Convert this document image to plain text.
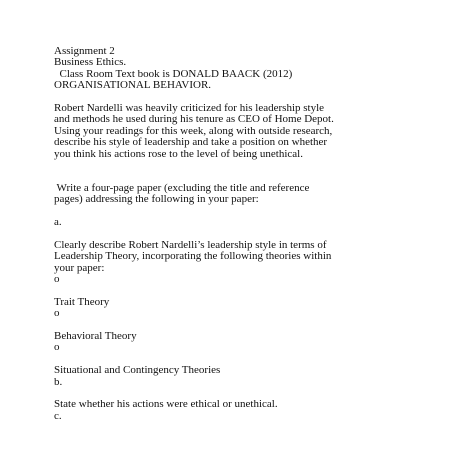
Assignment 2
Business Ethics.
Class Room Text book is DONALD BAACK (2012)
ORGANISATIONAL BEHAVIOR.
Robert Nardelli was heavily criticized for his leadership style
and methods he used during his tenure as CEO of Home Depot.
Using your readings for this week, along with outside research,
describe his style of leadership and take a position on whether
you think his actions rose to the level of being unethical.
Write a four-page paper (excluding the title and reference
pages) addressing the following in your paper:
a.
Clearly describe Robert Nardelli’s leadership style in terms of
Leadership Theory, incorporating the following theories within
your paper:
o
Trait Theory
o
Behavioral Theory
o
Situational and Contingency Theories
b.
State whether his actions were ethical or unethical.
c.
